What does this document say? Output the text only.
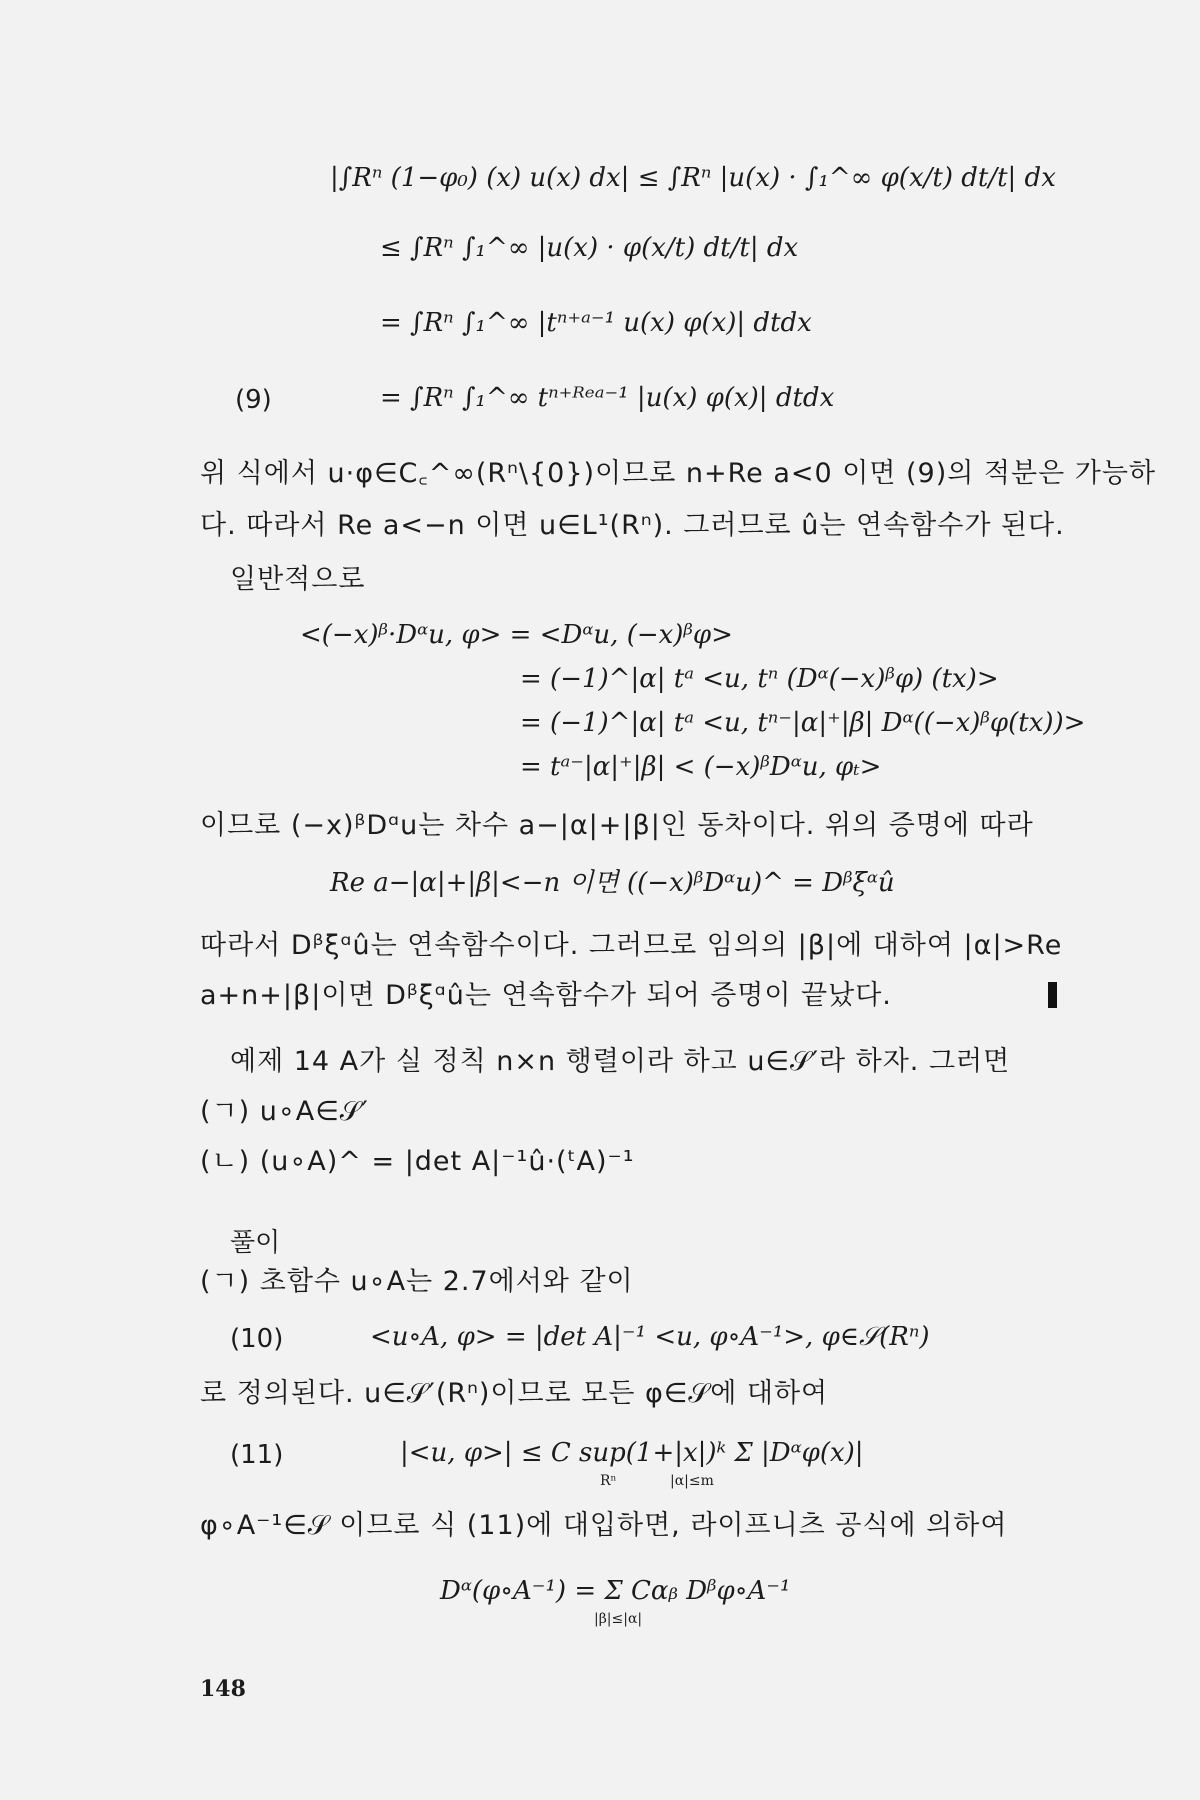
|∫Rⁿ (1−φ₀) (x) u(x) dx| ≤ ∫Rⁿ |u(x) · ∫₁^∞ φ(x/t) dt/t| dx
≤ ∫Rⁿ ∫₁^∞ |u(x) · φ(x/t) dt/t| dx
= ∫Rⁿ ∫₁^∞ |tⁿ⁺ᵃ⁻¹ u(x) φ(x)| dtdx
(9)	= ∫Rⁿ ∫₁^∞ tⁿ⁺ᴿᵉᵃ⁻¹ |u(x) φ(x)| dtdx
위 식에서 u·φ∈C꜀^∞(Rⁿ\{0})이므로 n+Re a<0 이면 (9)의 적분은 가능하
다. 따라서 Re a<−n 이면 u∈L¹(Rⁿ). 그러므로 û는 연속함수가 된다.
일반적으로
<(−x)ᵝ·Dᵅu, φ> = <Dᵅu, (−x)ᵝφ>
= (−1)^|α| tᵃ <u, tⁿ (Dᵅ(−x)ᵝφ) (tx)>
= (−1)^|α| tᵃ <u, tⁿ⁻|α|⁺|β| Dᵅ((−x)ᵝφ(tx))>
= tᵃ⁻|α|⁺|β| < (−x)ᵝDᵅu, φₜ>
이므로 (−x)ᵝDᵅu는 차수 a−|α|+|β|인 동차이다. 위의 증명에 따라
Re a−|α|+|β|<−n 이면 ((−x)ᵝDᵅu)^ = Dᵝξᵅû
따라서 Dᵝξᵅû는 연속함수이다. 그러므로 임의의 |β|에 대하여 |α|>Re
a+n+|β|이면 Dᵝξᵅû는 연속함수가 되어 증명이 끝났다.
예제 14 A가 실 정칙 n×n 행렬이라 하고 u∈𝒮′라 하자. 그러면
(ㄱ) u∘A∈𝒮′
(ㄴ) (u∘A)^ = |det A|⁻¹û·(ᵗA)⁻¹
풀이
(ㄱ) 초함수 u∘A는 2.7에서와 같이
(10)	<u∘A, φ> = |det A|⁻¹ <u, φ∘A⁻¹>, φ∈𝒮(Rⁿ)
로 정의된다. u∈𝒮′(Rⁿ)이므로 모든 φ∈𝒮에 대하여
(11)	|<u, φ>| ≤ C sup(1+|x|)ᵏ Σ |Dᵅφ(x)|
Rⁿ            |α|≤m
φ∘A⁻¹∈𝒮 이므로 식 (11)에 대입하면, 라이프니츠 공식에 의하여
Dᵅ(φ∘A⁻¹) = Σ Cαᵦ Dᵝφ∘A⁻¹
|β|≤|α|
148
